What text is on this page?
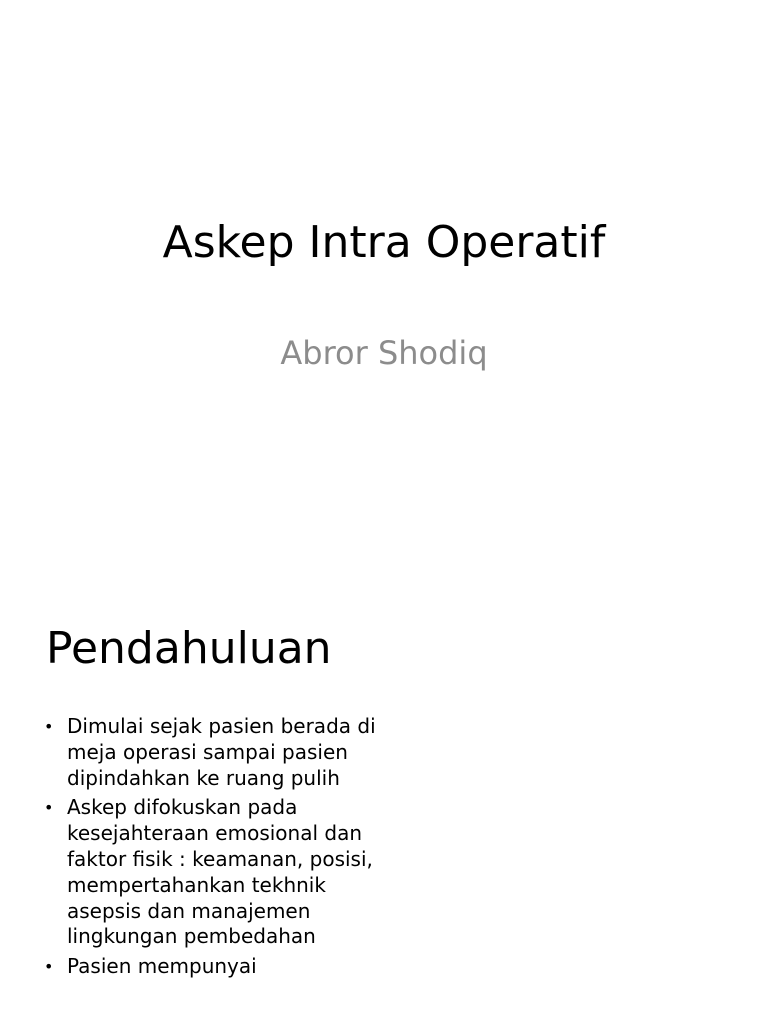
Askep Intra Operatif
Abror Shodiq
Pendahuluan
• Dimulai sejak pasien berada di meja operasi sampai pasien dipindahkan ke ruang pulih
• Askep difokuskan pada kesejahteraan emosional dan faktor fisik : keamanan, posisi, mempertahankan tekhnik asepsis dan manajemen lingkungan pembedahan
• Pasien mempunyai
